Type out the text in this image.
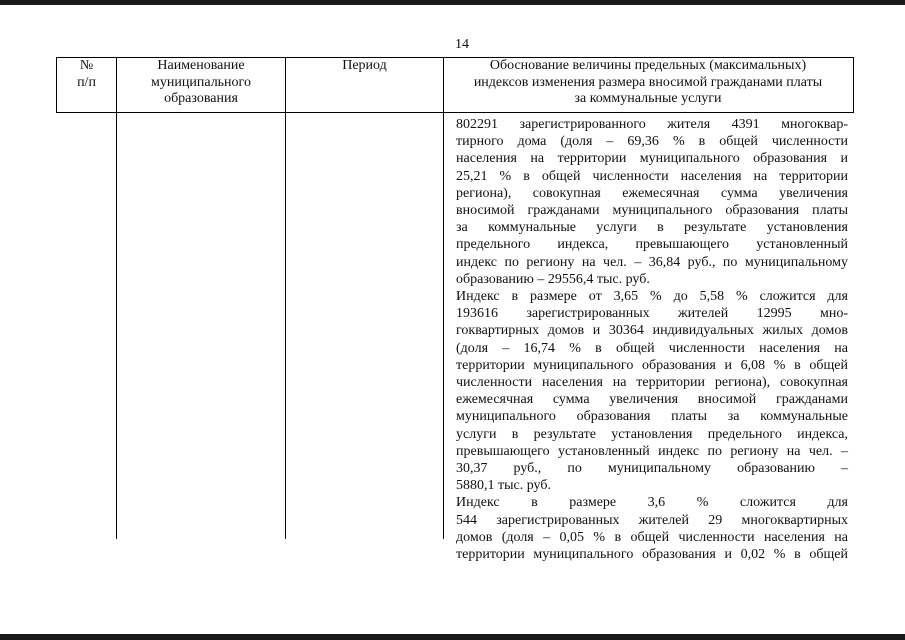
14
№
п/п
Наименование
муниципального
образования
Период	Обоснование величины предельных (максимальных)
индексов изменения размера вносимой гражданами платы
за коммунальные услуги
802291 зарегистрированного жителя 4391 многоквар-
тирного дома (доля – 69,36 % в общей численности
населения на территории муниципального образования и
25,21 % в общей численности населения на территории
региона), совокупная ежемесячная сумма увеличения
вносимой гражданами муниципального образования платы
за коммунальные услуги в результате установления
предельного индекса, превышающего установленный
индекс по региону на чел. – 36,84 руб., по муниципальному
образованию – 29556,4 тыс. руб.
Индекс в размере от 3,65 % до 5,58 % сложится для
193616 зарегистрированных жителей 12995 мно-
гоквартирных домов и 30364 индивидуальных жилых домов
(доля – 16,74 % в общей численности населения на
территории муниципального образования и 6,08 % в общей
численности населения на территории региона), совокупная
ежемесячная сумма увеличения вносимой гражданами
муниципального образования платы за коммунальные
услуги в результате установления предельного индекса,
превышающего установленный индекс по региону на чел. –
30,37 руб., по муниципальному образованию –
5880,1 тыс. руб.
Индекс в размере 3,6 % сложится для
544 зарегистрированных жителей 29 многоквартирных
домов (доля – 0,05 % в общей численности населения на
территории муниципального образования и 0,02 % в общей
